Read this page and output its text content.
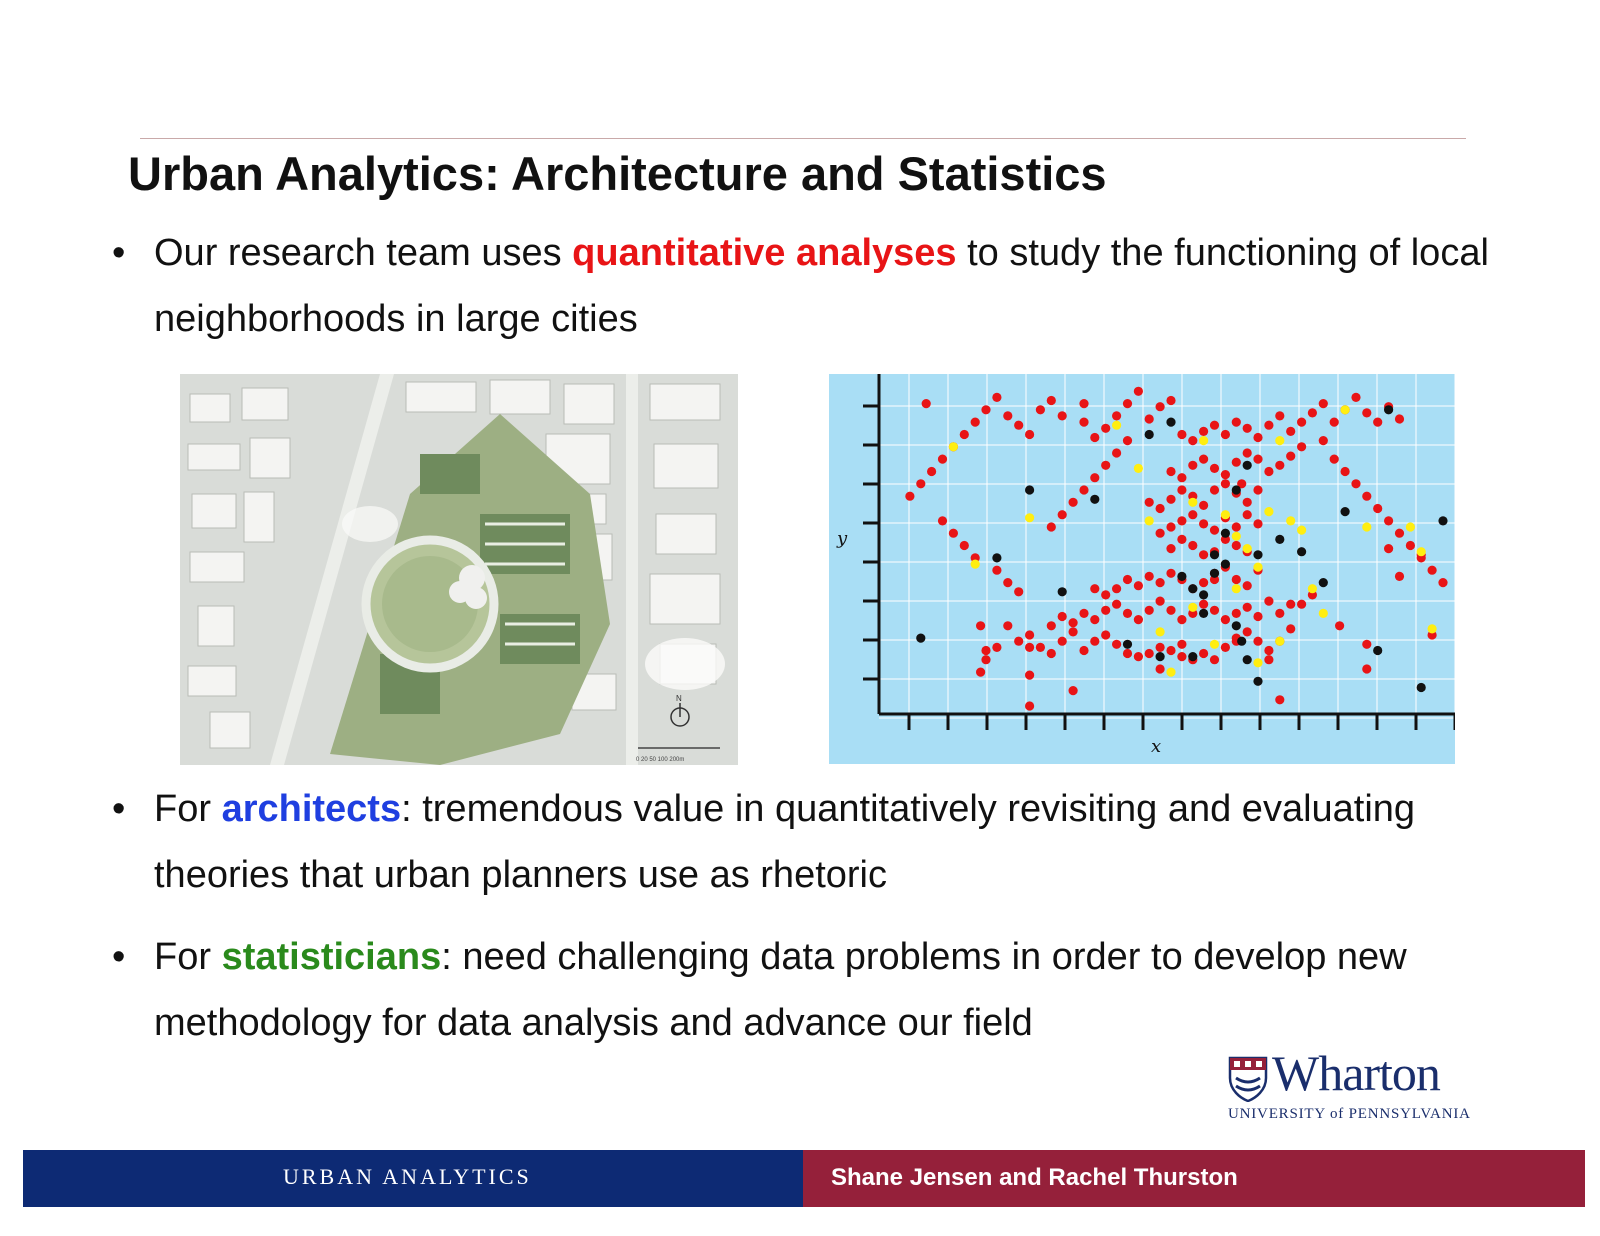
Urban Analytics: Architecture and Statistics
• Our research team uses quantitative analyses to study the functioning of local neighborhoods in large cities
N
0 20 50 100 200m
x
y
• For architects: tremendous value in quantitatively revisiting and evaluating theories that urban planners use as rhetoric
• For statisticians: need challenging data problems in order to develop new methodology for data analysis and advance our field
Wharton
UNIVERSITY of PENNSYLVANIA
URBAN ANALYTICS	Shane Jensen and Rachel Thurston
